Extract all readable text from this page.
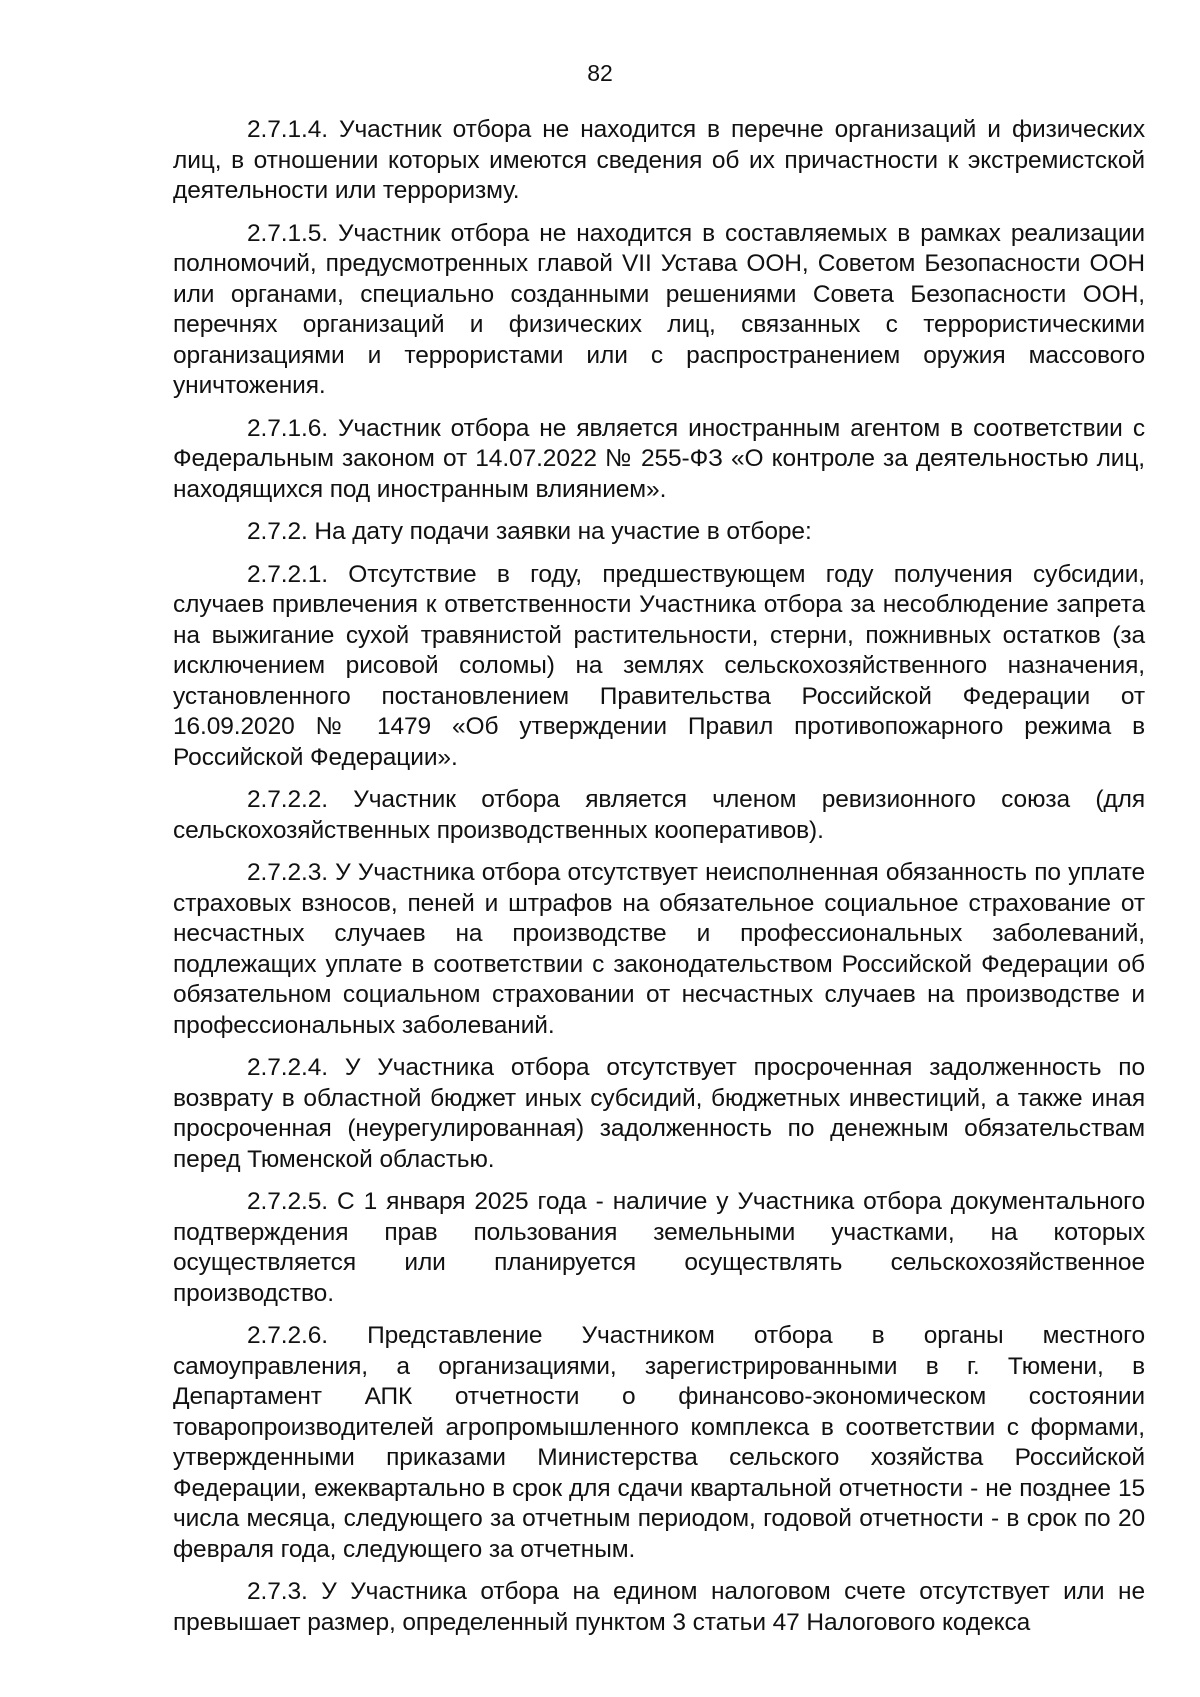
82

2.7.1.4. Участник отбора не находится в перечне организаций и физических лиц, в отношении которых имеются сведения об их причастности к экстремистской деятельности или терроризму.

2.7.1.5. Участник отбора не находится в составляемых в рамках реализации полномочий, предусмотренных главой VII Устава ООН, Советом Безопасности ООН или органами, специально созданными решениями Совета Безопасности ООН, перечнях организаций и физических лиц, связанных с террористическими организациями и террористами или с распространением оружия массового уничтожения.

2.7.1.6. Участник отбора не является иностранным агентом в соответствии с Федеральным законом от 14.07.2022 № 255-ФЗ «О контроле за деятельностью лиц, находящихся под иностранным влиянием».

2.7.2. На дату подачи заявки на участие в отборе:

2.7.2.1. Отсутствие в году, предшествующем году получения субсидии, случаев привлечения к ответственности Участника отбора за несоблюдение запрета на выжигание сухой травянистой растительности, стерни, пожнивных остатков (за исключением рисовой соломы) на землях сельскохозяйственного назначения, установленного постановлением Правительства Российской Федерации от 16.09.2020 № 1479 «Об утверждении Правил противопожарного режима в Российской Федерации».

2.7.2.2. Участник отбора является членом ревизионного союза (для сельскохозяйственных производственных кооперативов).

2.7.2.3. У Участника отбора отсутствует неисполненная обязанность по уплате страховых взносов, пеней и штрафов на обязательное социальное страхование от несчастных случаев на производстве и профессиональных заболеваний, подлежащих уплате в соответствии с законодательством Российской Федерации об обязательном социальном страховании от несчастных случаев на производстве и профессиональных заболеваний.

2.7.2.4. У Участника отбора отсутствует просроченная задолженность по возврату в областной бюджет иных субсидий, бюджетных инвестиций, а также иная просроченная (неурегулированная) задолженность по денежным обязательствам перед Тюменской областью.

2.7.2.5. С 1 января 2025 года - наличие у Участника отбора документального подтверждения прав пользования земельными участками, на которых осуществляется или планируется осуществлять сельскохозяйственное производство.

2.7.2.6. Представление Участником отбора в органы местного самоуправления, а организациями, зарегистрированными в г. Тюмени, в Департамент АПК отчетности о финансово-экономическом состоянии товаропроизводителей агропромышленного комплекса в соответствии с формами, утвержденными приказами Министерства сельского хозяйства Российской Федерации, ежеквартально в срок для сдачи квартальной отчетности - не позднее 15 числа месяца, следующего за отчетным периодом, годовой отчетности - в срок по 20 февраля года, следующего за отчетным.

2.7.3. У Участника отбора на едином налоговом счете отсутствует или не превышает размер, определенный пунктом 3 статьи 47 Налогового кодекса
